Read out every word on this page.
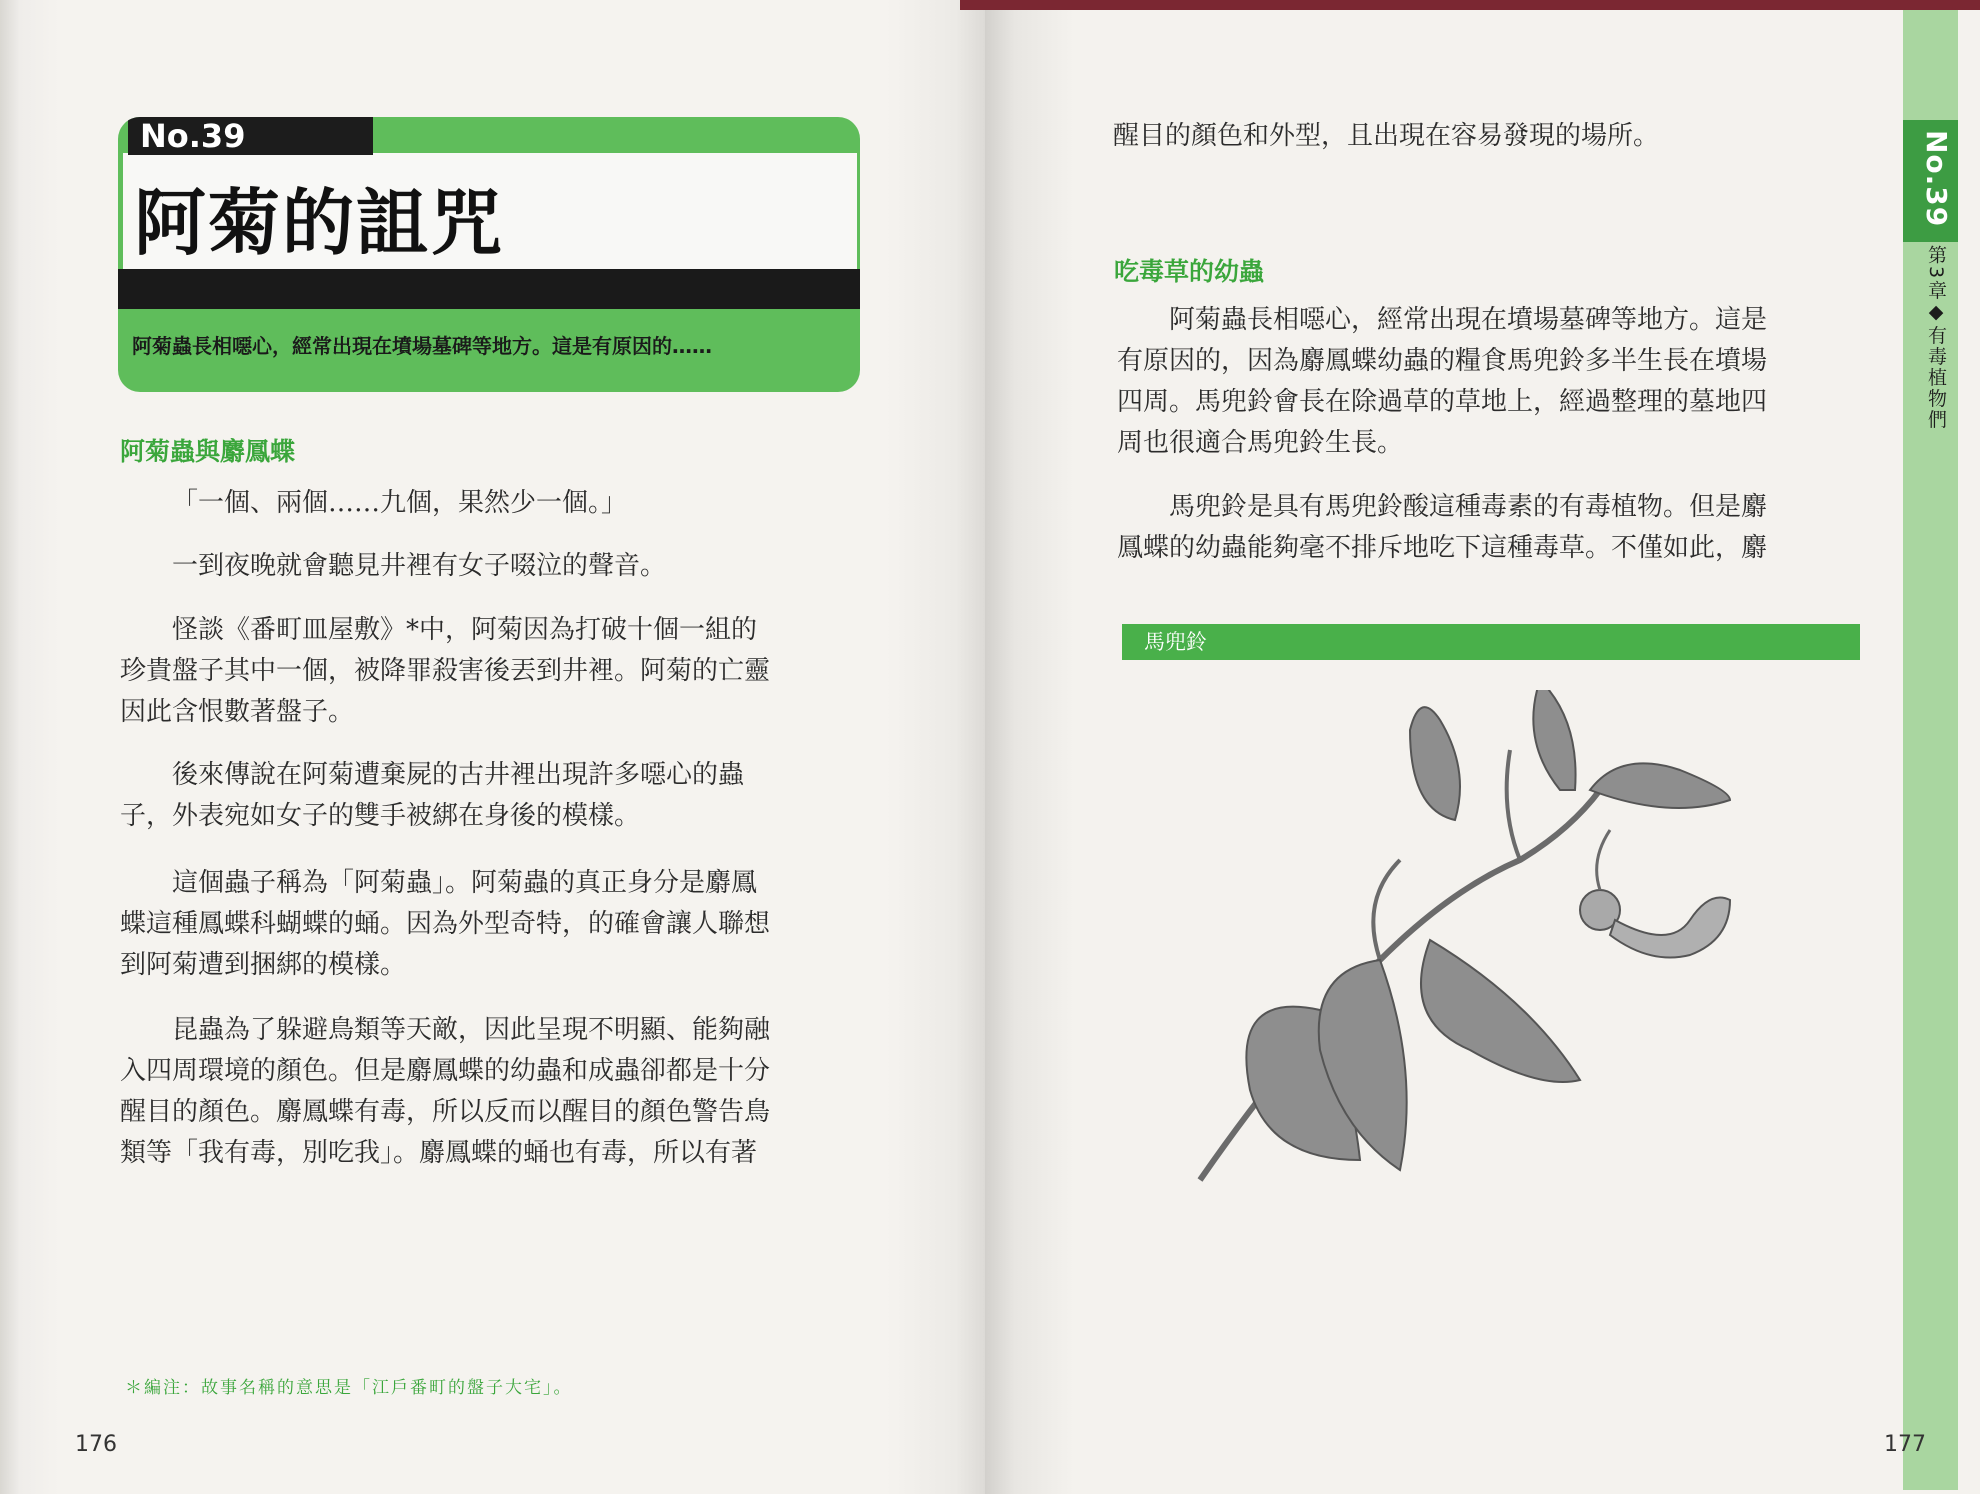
No.39
阿菊的詛咒
阿菊蟲長相噁心，經常出現在墳場墓碑等地方。這是有原因的……
阿菊蟲與麝鳳蝶
「一個、兩個……九個，果然少一個。」
一到夜晚就會聽見井裡有女子啜泣的聲音。
怪談《番町皿屋敷》*中，阿菊因為打破十個一組的
珍貴盤子其中一個，被降罪殺害後丟到井裡。阿菊的亡靈
因此含恨數著盤子。
後來傳說在阿菊遭棄屍的古井裡出現許多噁心的蟲
子，外表宛如女子的雙手被綁在身後的模樣。
這個蟲子稱為「阿菊蟲」。阿菊蟲的真正身分是麝鳳
蝶這種鳳蝶科蝴蝶的蛹。因為外型奇特，的確會讓人聯想
到阿菊遭到捆綁的模樣。
昆蟲為了躲避鳥類等天敵，因此呈現不明顯、能夠融
入四周環境的顏色。但是麝鳳蝶的幼蟲和成蟲卻都是十分
醒目的顏色。麝鳳蝶有毒，所以反而以醒目的顏色警告鳥
類等「我有毒，別吃我」。麝鳳蝶的蛹也有毒，所以有著
＊編注：故事名稱的意思是「江戶番町的盤子大宅」。
176
醒目的顏色和外型，且出現在容易發現的場所。
吃毒草的幼蟲
阿菊蟲長相噁心，經常出現在墳場墓碑等地方。這是
有原因的，因為麝鳳蝶幼蟲的糧食馬兜鈴多半生長在墳場
四周。馬兜鈴會長在除過草的草地上，經過整理的墓地四
周也很適合馬兜鈴生長。
馬兜鈴是具有馬兜鈴酸這種毒素的有毒植物。但是麝
鳳蝶的幼蟲能夠毫不排斥地吃下這種毒草。不僅如此，麝
馬兜鈴
No.39
第3章◆有毒植物們
177
